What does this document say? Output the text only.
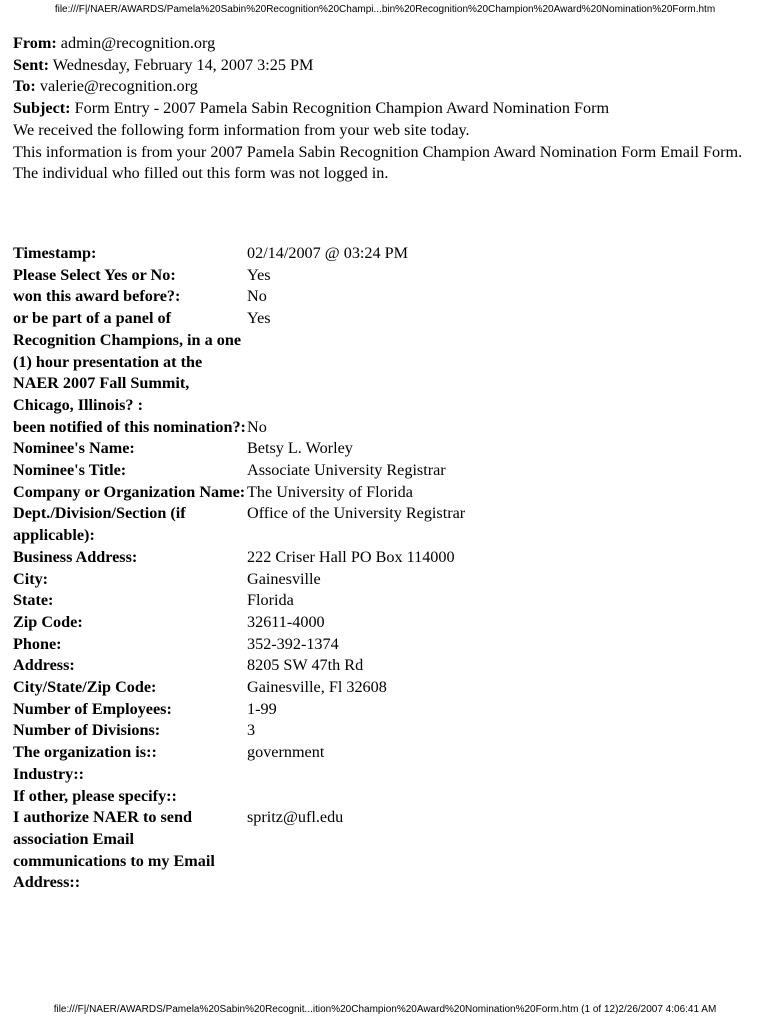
file:///F|/NAER/AWARDS/Pamela%20Sabin%20Recognition%20Champi...bin%20Recognition%20Champion%20Award%20Nomination%20Form.htm
From: admin@recognition.org
Sent: Wednesday, February 14, 2007 3:25 PM
To: valerie@recognition.org
Subject: Form Entry - 2007 Pamela Sabin Recognition Champion Award Nomination Form
We received the following form information from your web site today.
This information is from your 2007 Pamela Sabin Recognition Champion Award Nomination Form Email Form.
The individual who filled out this form was not logged in.
Timestamp:	02/14/2007 @ 03:24 PM
Please Select Yes or No:	Yes
won this award before?:	No
or be part of a panel of Recognition Champions, in a one (1) hour presentation at the NAER 2007 Fall Summit, Chicago, Illinois? :	Yes
been notified of this nomination?:	No
Nominee's Name:	Betsy L. Worley
Nominee's Title:	Associate University Registrar
Company or Organization Name:	The University of Florida
Dept./Division/Section (if applicable):	Office of the University Registrar
Business Address:	222 Criser Hall PO Box 114000
City:	Gainesville
State:	Florida
Zip Code:	32611-4000
Phone:	352-392-1374
Address:	8205 SW 47th Rd
City/State/Zip Code:	Gainesville, Fl 32608
Number of Employees:	1-99
Number of Divisions:	3
The organization is::	government
Industry::	
If other, please specify::	
I authorize NAER to send association Email communications to my Email Address::	spritz@ufl.edu
file:///F|/NAER/AWARDS/Pamela%20Sabin%20Recognit...ition%20Champion%20Award%20Nomination%20Form.htm (1 of 12)2/26/2007 4:06:41 AM
